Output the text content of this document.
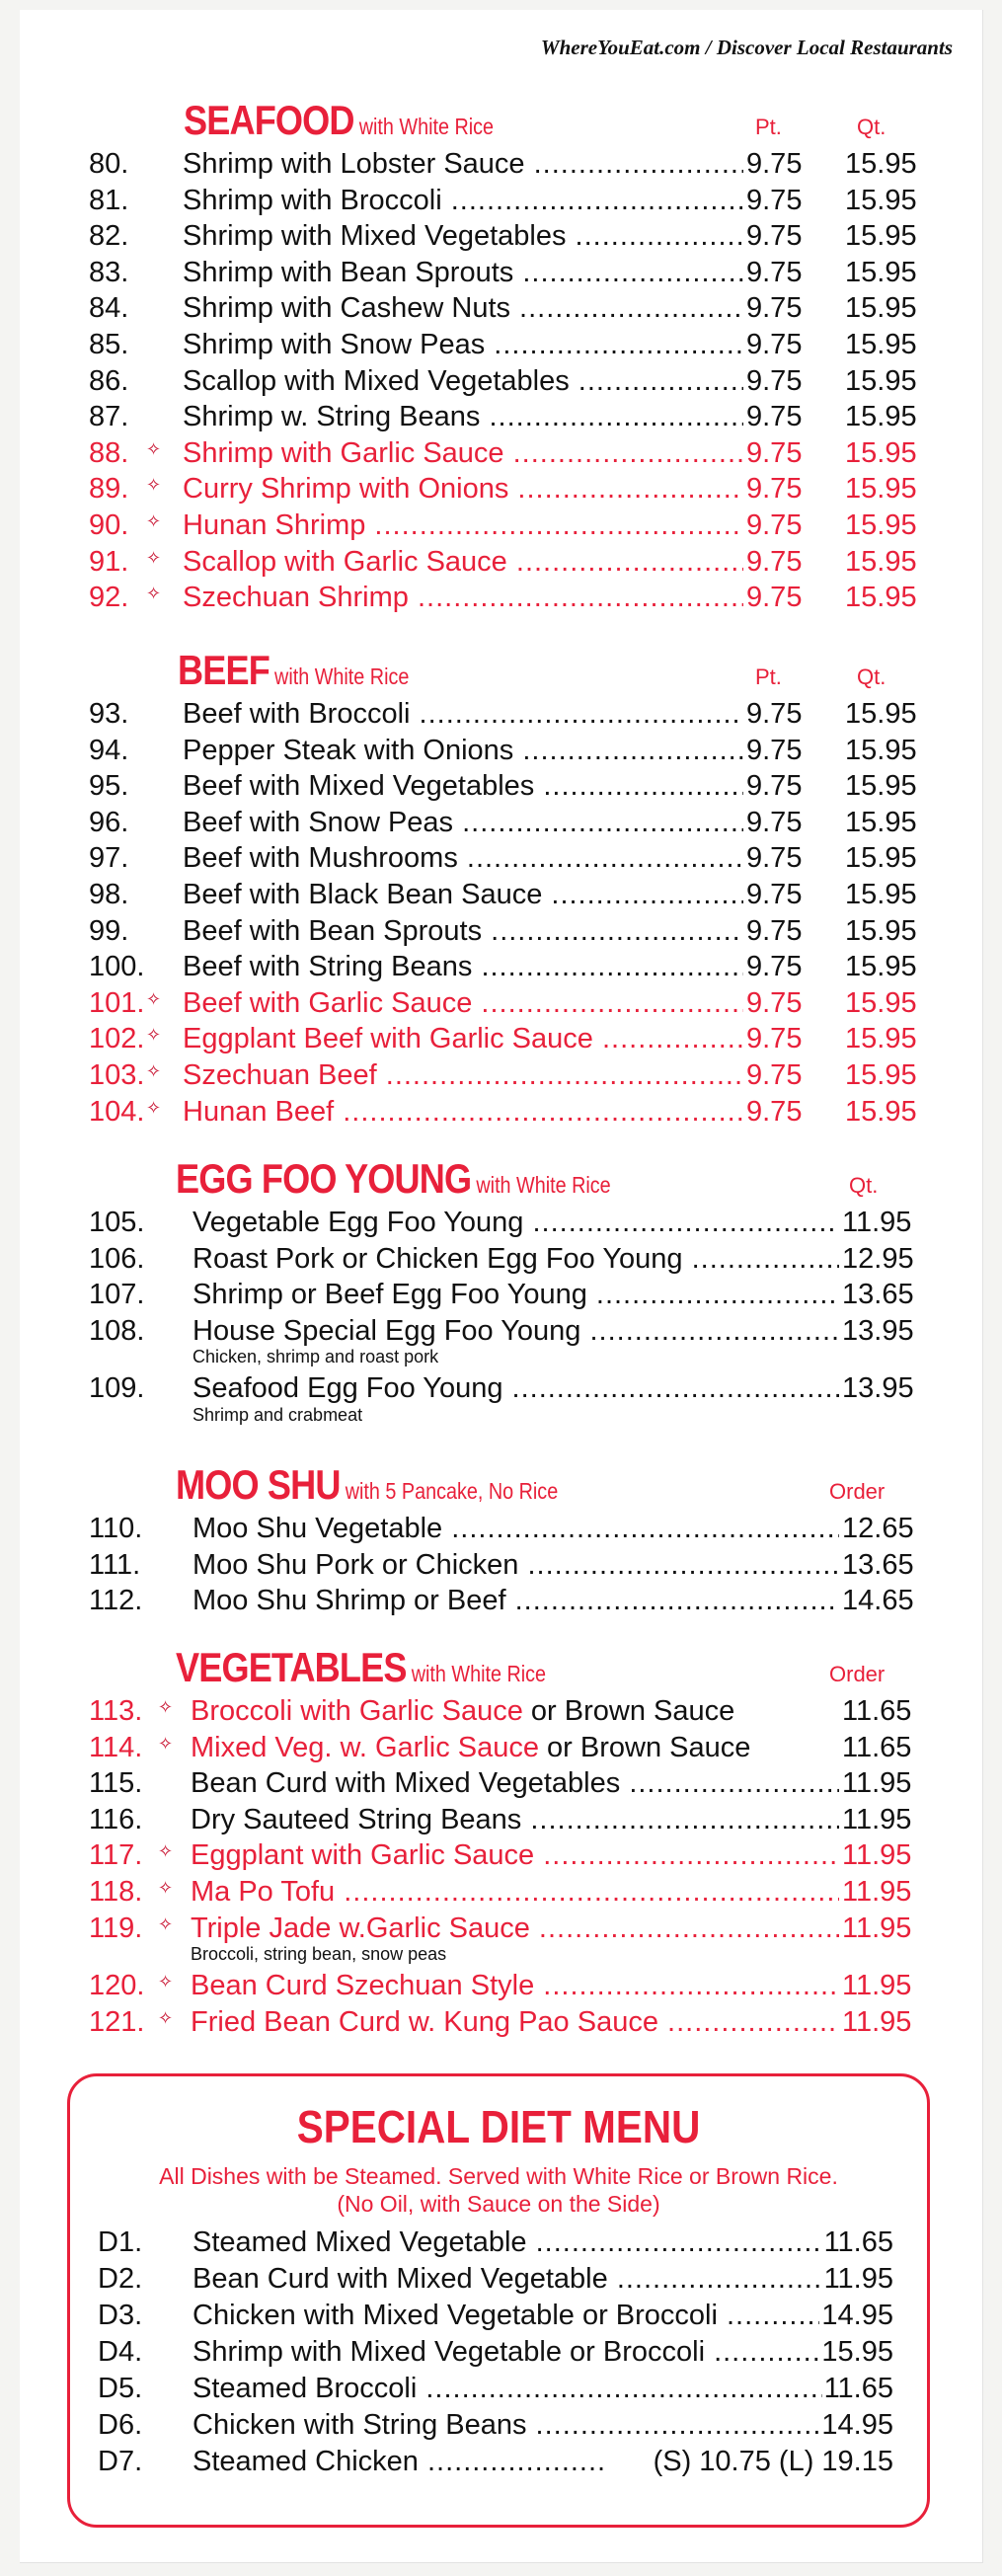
WhereYouEat.com / Discover Local Restaurants
SEAFOOD with White Rice	Pt.	Qt.
80. Shrimp with Lobster Sauce .....	9.75 15.95
81. Shrimp with Broccoli .....	9.75 15.95
82. Shrimp with Mixed Vegetables .....	9.75 15.95
83. Shrimp with Bean Sprouts .....	9.75 15.95
84. Shrimp with Cashew Nuts .....	9.75 15.95
85. Shrimp with Snow Peas .....	9.75 15.95
86. Scallop with Mixed Vegetables .....	9.75 15.95
87. Shrimp w. String Beans .....	9.75 15.95
88. ✧ Shrimp with Garlic Sauce .....	9.75 15.95
89. ✧ Curry Shrimp with Onions .....	9.75 15.95
90. ✧ Hunan Shrimp .....	9.75 15.95
91. ✧ Scallop with Garlic Sauce .....	9.75 15.95
92. ✧ Szechuan Shrimp .....	9.75 15.95
BEEF with White Rice	Pt.	Qt.
93. Beef with Broccoli .....	9.75 15.95
94. Pepper Steak with Onions .....	9.75 15.95
95. Beef with Mixed Vegetables .....	9.75 15.95
96. Beef with Snow Peas .....	9.75 15.95
97. Beef with Mushrooms .....	9.75 15.95
98. Beef with Black Bean Sauce .....	9.75 15.95
99. Beef with Bean Sprouts .....	9.75 15.95
100. Beef with String Beans .....	9.75 15.95
101. ✧ Beef with Garlic Sauce .....	9.75 15.95
102. ✧ Eggplant Beef with Garlic Sauce .....	9.75 15.95
103. ✧ Szechuan Beef .....	9.75 15.95
104. ✧ Hunan Beef .....	9.75 15.95
EGG FOO YOUNG with White Rice	Qt.
105. Vegetable Egg Foo Young .....	11.95
106. Roast Pork or Chicken Egg Foo Young .....	12.95
107. Shrimp or Beef Egg Foo Young .....	13.65
108. House Special Egg Foo Young .....	13.95
Chicken, shrimp and roast pork
109. Seafood Egg Foo Young .....	13.95
Shrimp and crabmeat
MOO SHU with 5 Pancake, No Rice	Order
110. Moo Shu Vegetable .....	12.65
111. Moo Shu Pork or Chicken .....	13.65
112. Moo Shu Shrimp or Beef .....	14.65
VEGETABLES with White Rice	Order
113. ✧ Broccoli with Garlic Sauce or Brown Sauce	11.65
114. ✧ Mixed Veg. w. Garlic Sauce or Brown Sauce	11.65
115. Bean Curd with Mixed Vegetables .....	11.95
116. Dry Sauteed String Beans .....	11.95
117. ✧ Eggplant with Garlic Sauce .....	11.95
118. ✧ Ma Po Tofu .....	11.95
119. ✧ Triple Jade w.Garlic Sauce .....	11.95
Broccoli, string bean, snow peas
120. ✧ Bean Curd Szechuan Style .....	11.95
121. ✧ Fried Bean Curd w. Kung Pao Sauce .....	11.95
SPECIAL DIET MENU
All Dishes with be Steamed. Served with White Rice or Brown Rice.
(No Oil, with Sauce on the Side)
D1. Steamed Mixed Vegetable .....	11.65
D2. Bean Curd with Mixed Vegetable .....	11.95
D3. Chicken with Mixed Vegetable or Broccoli .....	14.95
D4. Shrimp with Mixed Vegetable or Broccoli .....	15.95
D5. Steamed Broccoli .....	11.65
D6. Chicken with String Beans .....	14.95
D7. Steamed Chicken .....	(S) 10.75 (L) 19.15
